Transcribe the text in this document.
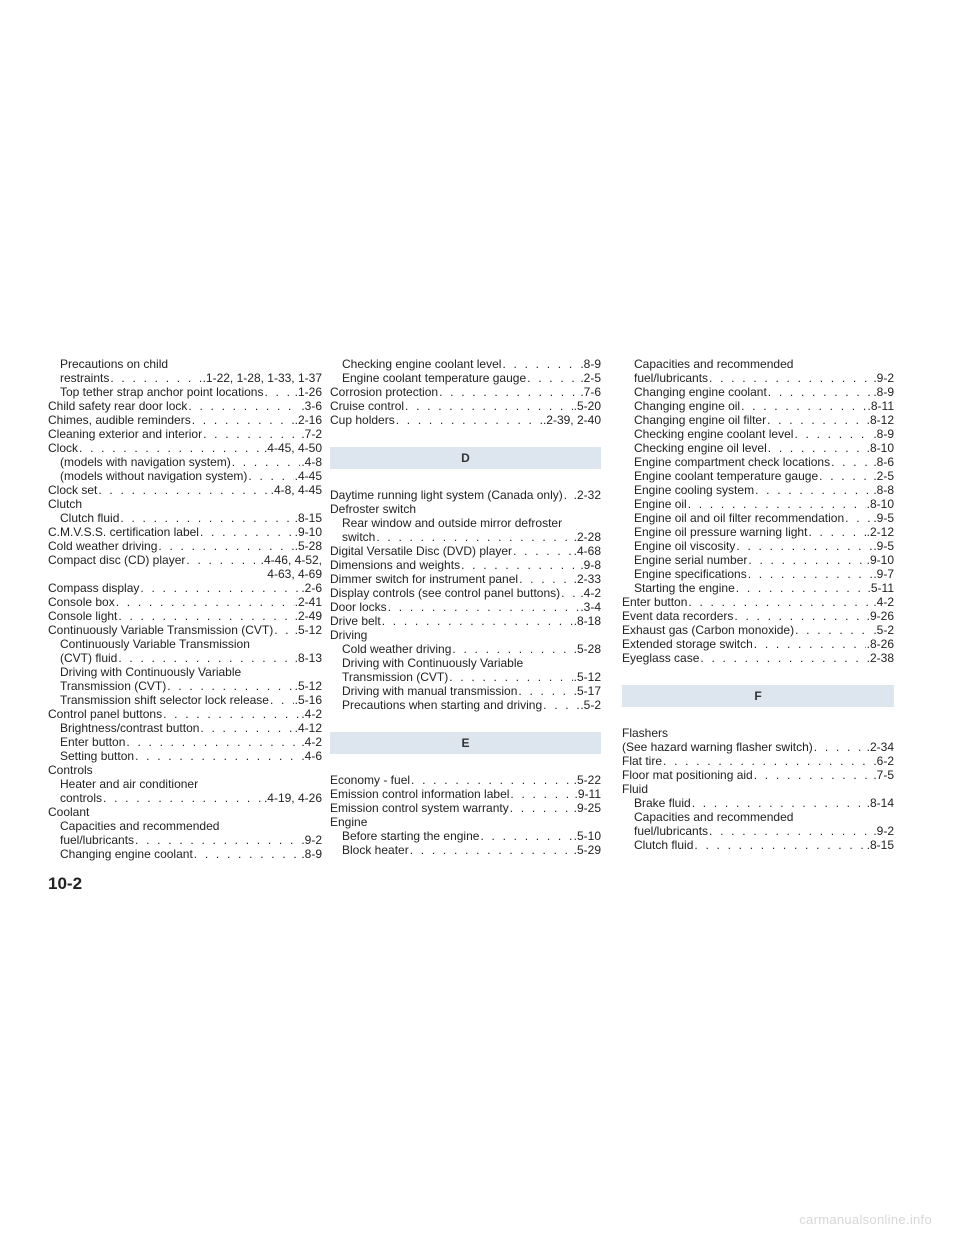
Precautions on child
restraints . . .	.1-22, 1-28, 1-33, 1-37
Top tether strap anchor point locations . . .	.1-26
Child safety rear door lock . . .	.3-6
Chimes, audible reminders . . .	.2-16
Cleaning exterior and interior . . .	.7-2
Clock . . .	.4-45, 4-50
(models with navigation system) . . .	.4-8
(models without navigation system) . . .	.4-45
Clock set . . .	.4-8, 4-45
Clutch
Clutch fluid . . .	.8-15
C.M.V.S.S. certification label . . .	.9-10
Cold weather driving . . .	.5-28
Compact disc (CD) player . . .	.4-46, 4-52,
4-63, 4-69
Compass display . . .	.2-6
Console box . . .	.2-41
Console light . . .	.2-49
Continuously Variable Transmission (CVT) . . . .5-12
Continuously Variable Transmission
(CVT) fluid . . .	.8-13
Driving with Continuously Variable
Transmission (CVT) . . .	.5-12
Transmission shift selector lock release . . . .5-16
Control panel buttons . . .	.4-2
Brightness/contrast button . . .	.4-12
Enter button . . .	.4-2
Setting button . . .	.4-6
Controls
Heater and air conditioner
controls . . .	.4-19, 4-26
Coolant
Capacities and recommended
fuel/lubricants . . .	.9-2
Changing engine coolant . . .	.8-9
Checking engine coolant level . . .	.8-9
Engine coolant temperature gauge . . .	.2-5
Corrosion protection . . .	.7-6
Cruise control . . .	.5-20
Cup holders . . .	.2-39, 2-40
D
Daytime running light system (Canada only) . . . .2-32
Defroster switch
Rear window and outside mirror defroster
switch . . .	.2-28
Digital Versatile Disc (DVD) player . . .	.4-68
Dimensions and weights . . .	.9-8
Dimmer switch for instrument panel . . .	.2-33
Display controls (see control panel buttons) . . . .4-2
Door locks . . .	.3-4
Drive belt . . .	.8-18
Driving
Cold weather driving . . .	.5-28
Driving with Continuously Variable
Transmission (CVT) . . .	.5-12
Driving with manual transmission . . .	.5-17
Precautions when starting and driving . . .	.5-2
E
Economy - fuel . . .	.5-22
Emission control information label . . .	.9-11
Emission control system warranty . . .	.9-25
Engine
Before starting the engine . . .	.5-10
Block heater . . .	.5-29
Capacities and recommended
fuel/lubricants . . .	.9-2
Changing engine coolant . . .	.8-9
Changing engine oil . . .	.8-11
Changing engine oil filter . . .	.8-12
Checking engine coolant level . . .	.8-9
Checking engine oil level . . .	.8-10
Engine compartment check locations . . .	.8-6
Engine coolant temperature gauge . . .	.2-5
Engine cooling system . . .	.8-8
Engine oil . . .	.8-10
Engine oil and oil filter recommendation . . . .9-5
Engine oil pressure warning light . . .	.2-12
Engine oil viscosity . . .	.9-5
Engine serial number . . .	.9-10
Engine specifications . . .	.9-7
Starting the engine . . .	.5-11
Enter button . . .	.4-2
Event data recorders . . .	.9-26
Exhaust gas (Carbon monoxide) . . .	.5-2
Extended storage switch . . .	.8-26
Eyeglass case . . .	.2-38
F
Flashers
(See hazard warning flasher switch) . . .	.2-34
Flat tire . . .	.6-2
Floor mat positioning aid . . .	.7-5
Fluid
Brake fluid . . .	.8-14
Capacities and recommended
fuel/lubricants . . .	.9-2
Clutch fluid . . .	.8-15
10-2
carmanualsonline.info
